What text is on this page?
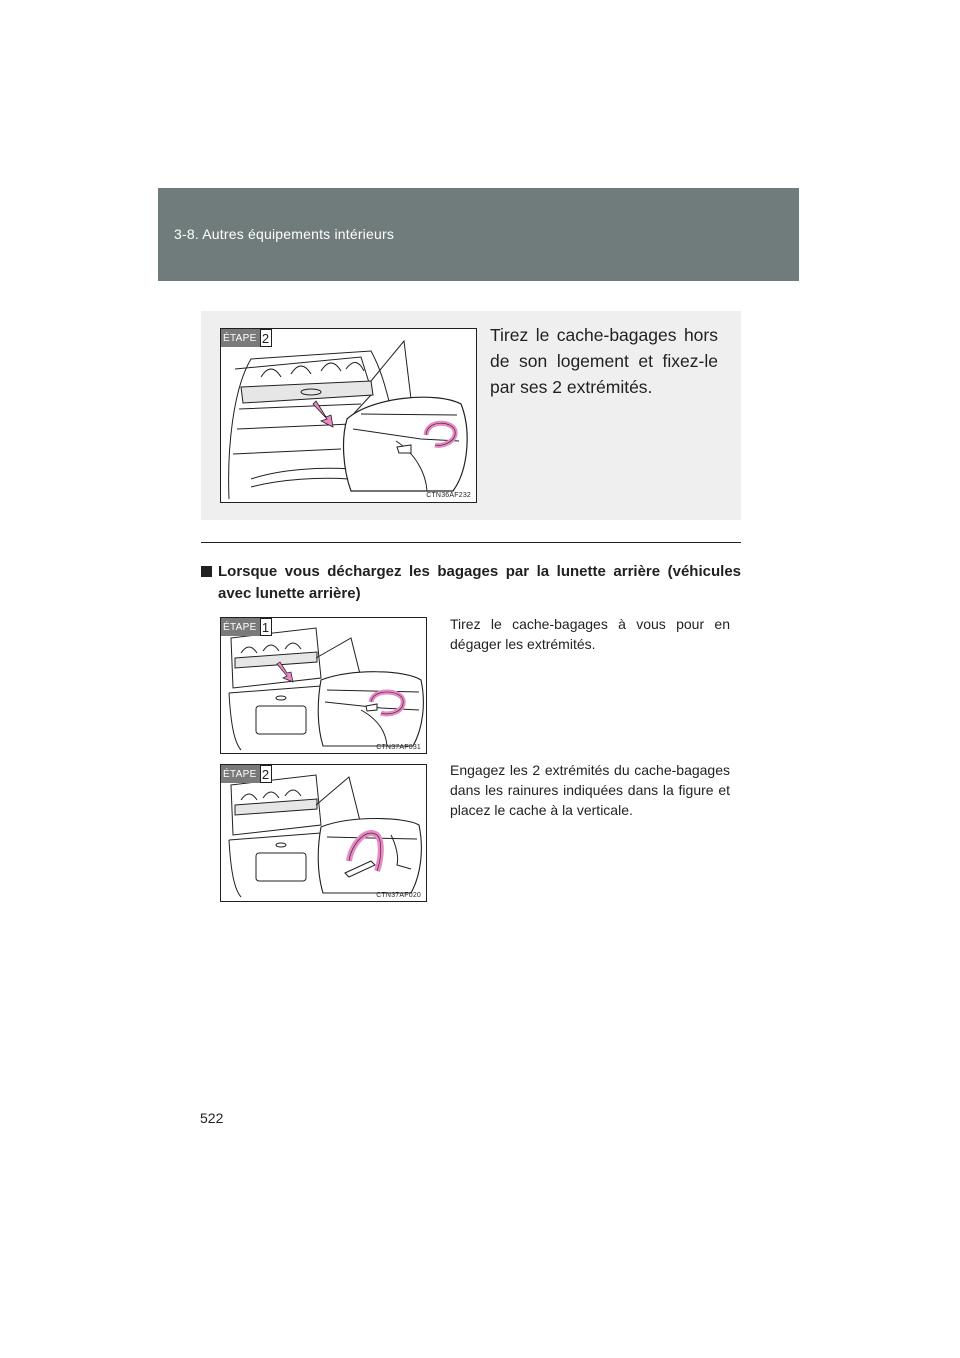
3-8. Autres équipements intérieurs
ÉTAPE 2
CTN36AF232
Tirez le cache-bagages hors de son logement et fixez-le par ses 2 extrémités.
Lorsque vous déchargez les bagages par la lunette arrière (véhicules avec lunette arrière)
ÉTAPE 1
CTN37AF031
Tirez le cache-bagages à vous pour en dégager les extrémités.
ÉTAPE 2
CTN37AF020
Engagez les 2 extrémités du cache-bagages dans les rainures indiquées dans la figure et placez le cache à la verticale.
522
